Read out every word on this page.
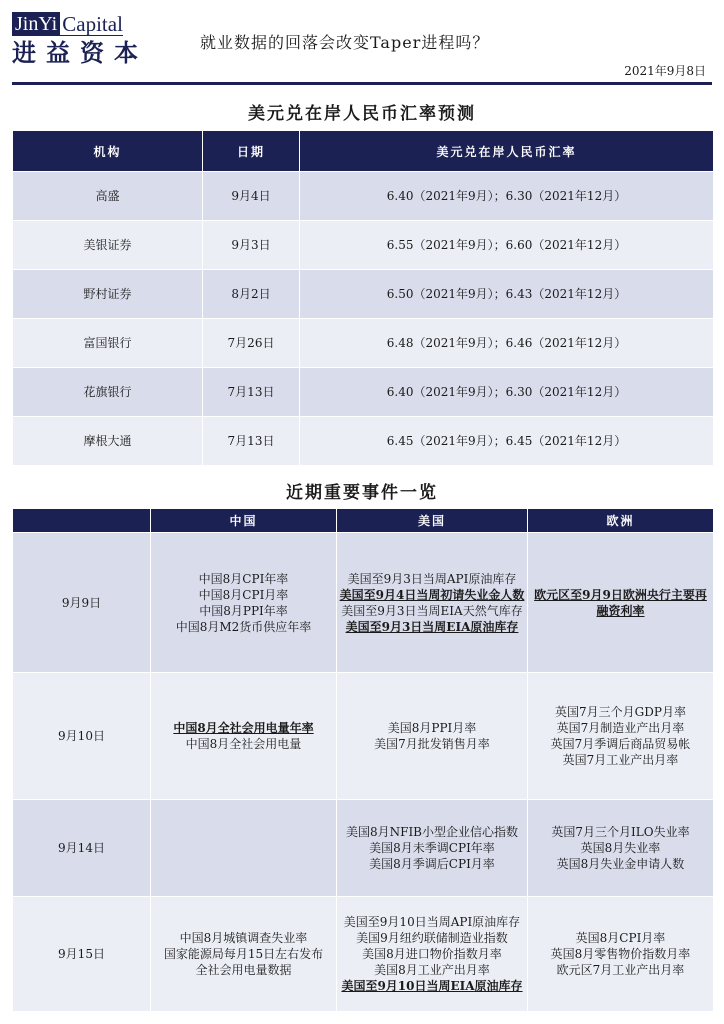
JinYi Capital
进益资本	就业数据的回落会改变Taper进程吗？
2021年9月8日
美元兑在岸人民币汇率预测
机构	日期	美元兑在岸人民币汇率
高盛	9月4日	6.40（2021年9月）；6.30（2021年12月）
美银证券	9月3日	6.55（2021年9月）；6.60（2021年12月）
野村证券	8月2日	6.50（2021年9月）；6.43（2021年12月）
富国银行	7月26日	6.48（2021年9月）；6.46（2021年12月）
花旗银行	7月13日	6.40（2021年9月）；6.30（2021年12月）
摩根大通	7月13日	6.45（2021年9月）；6.45（2021年12月）
近期重要事件一览
	中国	美国	欧洲
9月9日	中国8月CPI年率
中国8月CPI月率
中国8月PPI年率
中国8月M2货币供应年率	美国至9月3日当周API原油库存
美国至9月4日当周初请失业金人数
美国至9月3日当周EIA天然气库存
美国至9月3日当周EIA原油库存	欧元区至9月9日欧洲央行主要再融资利率

9月10日	中国8月全社会用电量年率
中国8月全社会用电量	美国8月PPI月率
美国7月批发销售月率	英国7月三个月GDP月率
英国7月制造业产出月率
英国7月季调后商品贸易帐
英国7月工业产出月率

9月14日		美国8月NFIB小型企业信心指数
美国8月未季调CPI年率
美国8月季调后CPI月率	英国7月三个月ILO失业率
英国8月失业率
英国8月失业金申请人数

9月15日	中国8月城镇调查失业率
国家能源局每月15日左右发布
全社会用电量数据	美国至9月10日当周API原油库存
美国9月纽约联储制造业指数
美国8月进口物价指数月率
美国8月工业产出月率
美国至9月10日当周EIA原油库存	英国8月CPI月率
英国8月零售物价指数月率
欧元区7月工业产出月率
